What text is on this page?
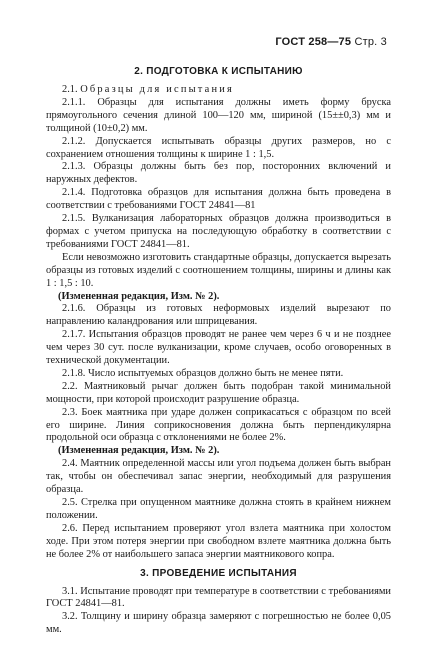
ГОСТ 258—75 Стр. 3
2. ПОДГОТОВКА К ИСПЫТАНИЮ

2.1. Образцы для испытания

2.1.1. Образцы для испытания должны иметь форму бруска прямоугольного сечения длиной 100—120 мм, шириной (15±±0,3) мм и толщиной (10±0,2) мм.

2.1.2. Допускается испытывать образцы других размеров, но с сохранением отношения толщины к ширине 1 : 1,5.

2.1.3. Образцы должны быть без пор, посторонних включений и наружных дефектов.

2.1.4. Подготовка образцов для испытания должна быть проведена в соответствии с требованиями ГОСТ 24841—81

2.1.5. Вулканизация лабораторных образцов должна производиться в формах с учетом припуска на последующую обработку в соответствии с требованиями ГОСТ 24841—81.

Если невозможно изготовить стандартные образцы, допускается вырезать образцы из готовых изделий с соотношением толщины, ширины и длины как 1 : 1,5 : 10.

(Измененная редакция, Изм. № 2).

2.1.6. Образцы из готовых неформовых изделий вырезают по направлению каландрования или шприцевания.

2.1.7. Испытания образцов проводят не ранее чем через 6 ч и не позднее чем через 30 сут. после вулканизации, кроме случаев, особо оговоренных в технической документации.

2.1.8. Число испытуемых образцов должно быть не менее пяти.

2.2. Маятниковый рычаг должен быть подобран такой минимальной мощности, при которой происходит разрушение образца.

2.3. Боек маятника при ударе должен соприкасаться с образцом по всей его ширине. Линия соприкосновения должна быть перпендикулярна продольной оси образца с отклонениями не более 2%.

(Измененная редакция, Изм. № 2).

2.4. Маятник определенной массы или угол подъема должен быть выбран так, чтобы он обеспечивал запас энергии, необходимый для разрушения образца.

2.5. Стрелка при опущенном маятнике должна стоять в крайнем нижнем положении.

2.6. Перед испытанием проверяют угол взлета маятника при холостом ходе. При этом потеря энергии при свободном взлете маятника должна быть не более 2% от наибольшего запаса энергии маятникового копра.

3. ПРОВЕДЕНИЕ ИСПЫТАНИЯ

3.1. Испытание проводят при температуре в соответствии с требованиями ГОСТ 24841—81.

3.2. Толщину и ширину образца замеряют с погрешностью не более 0,05 мм.
